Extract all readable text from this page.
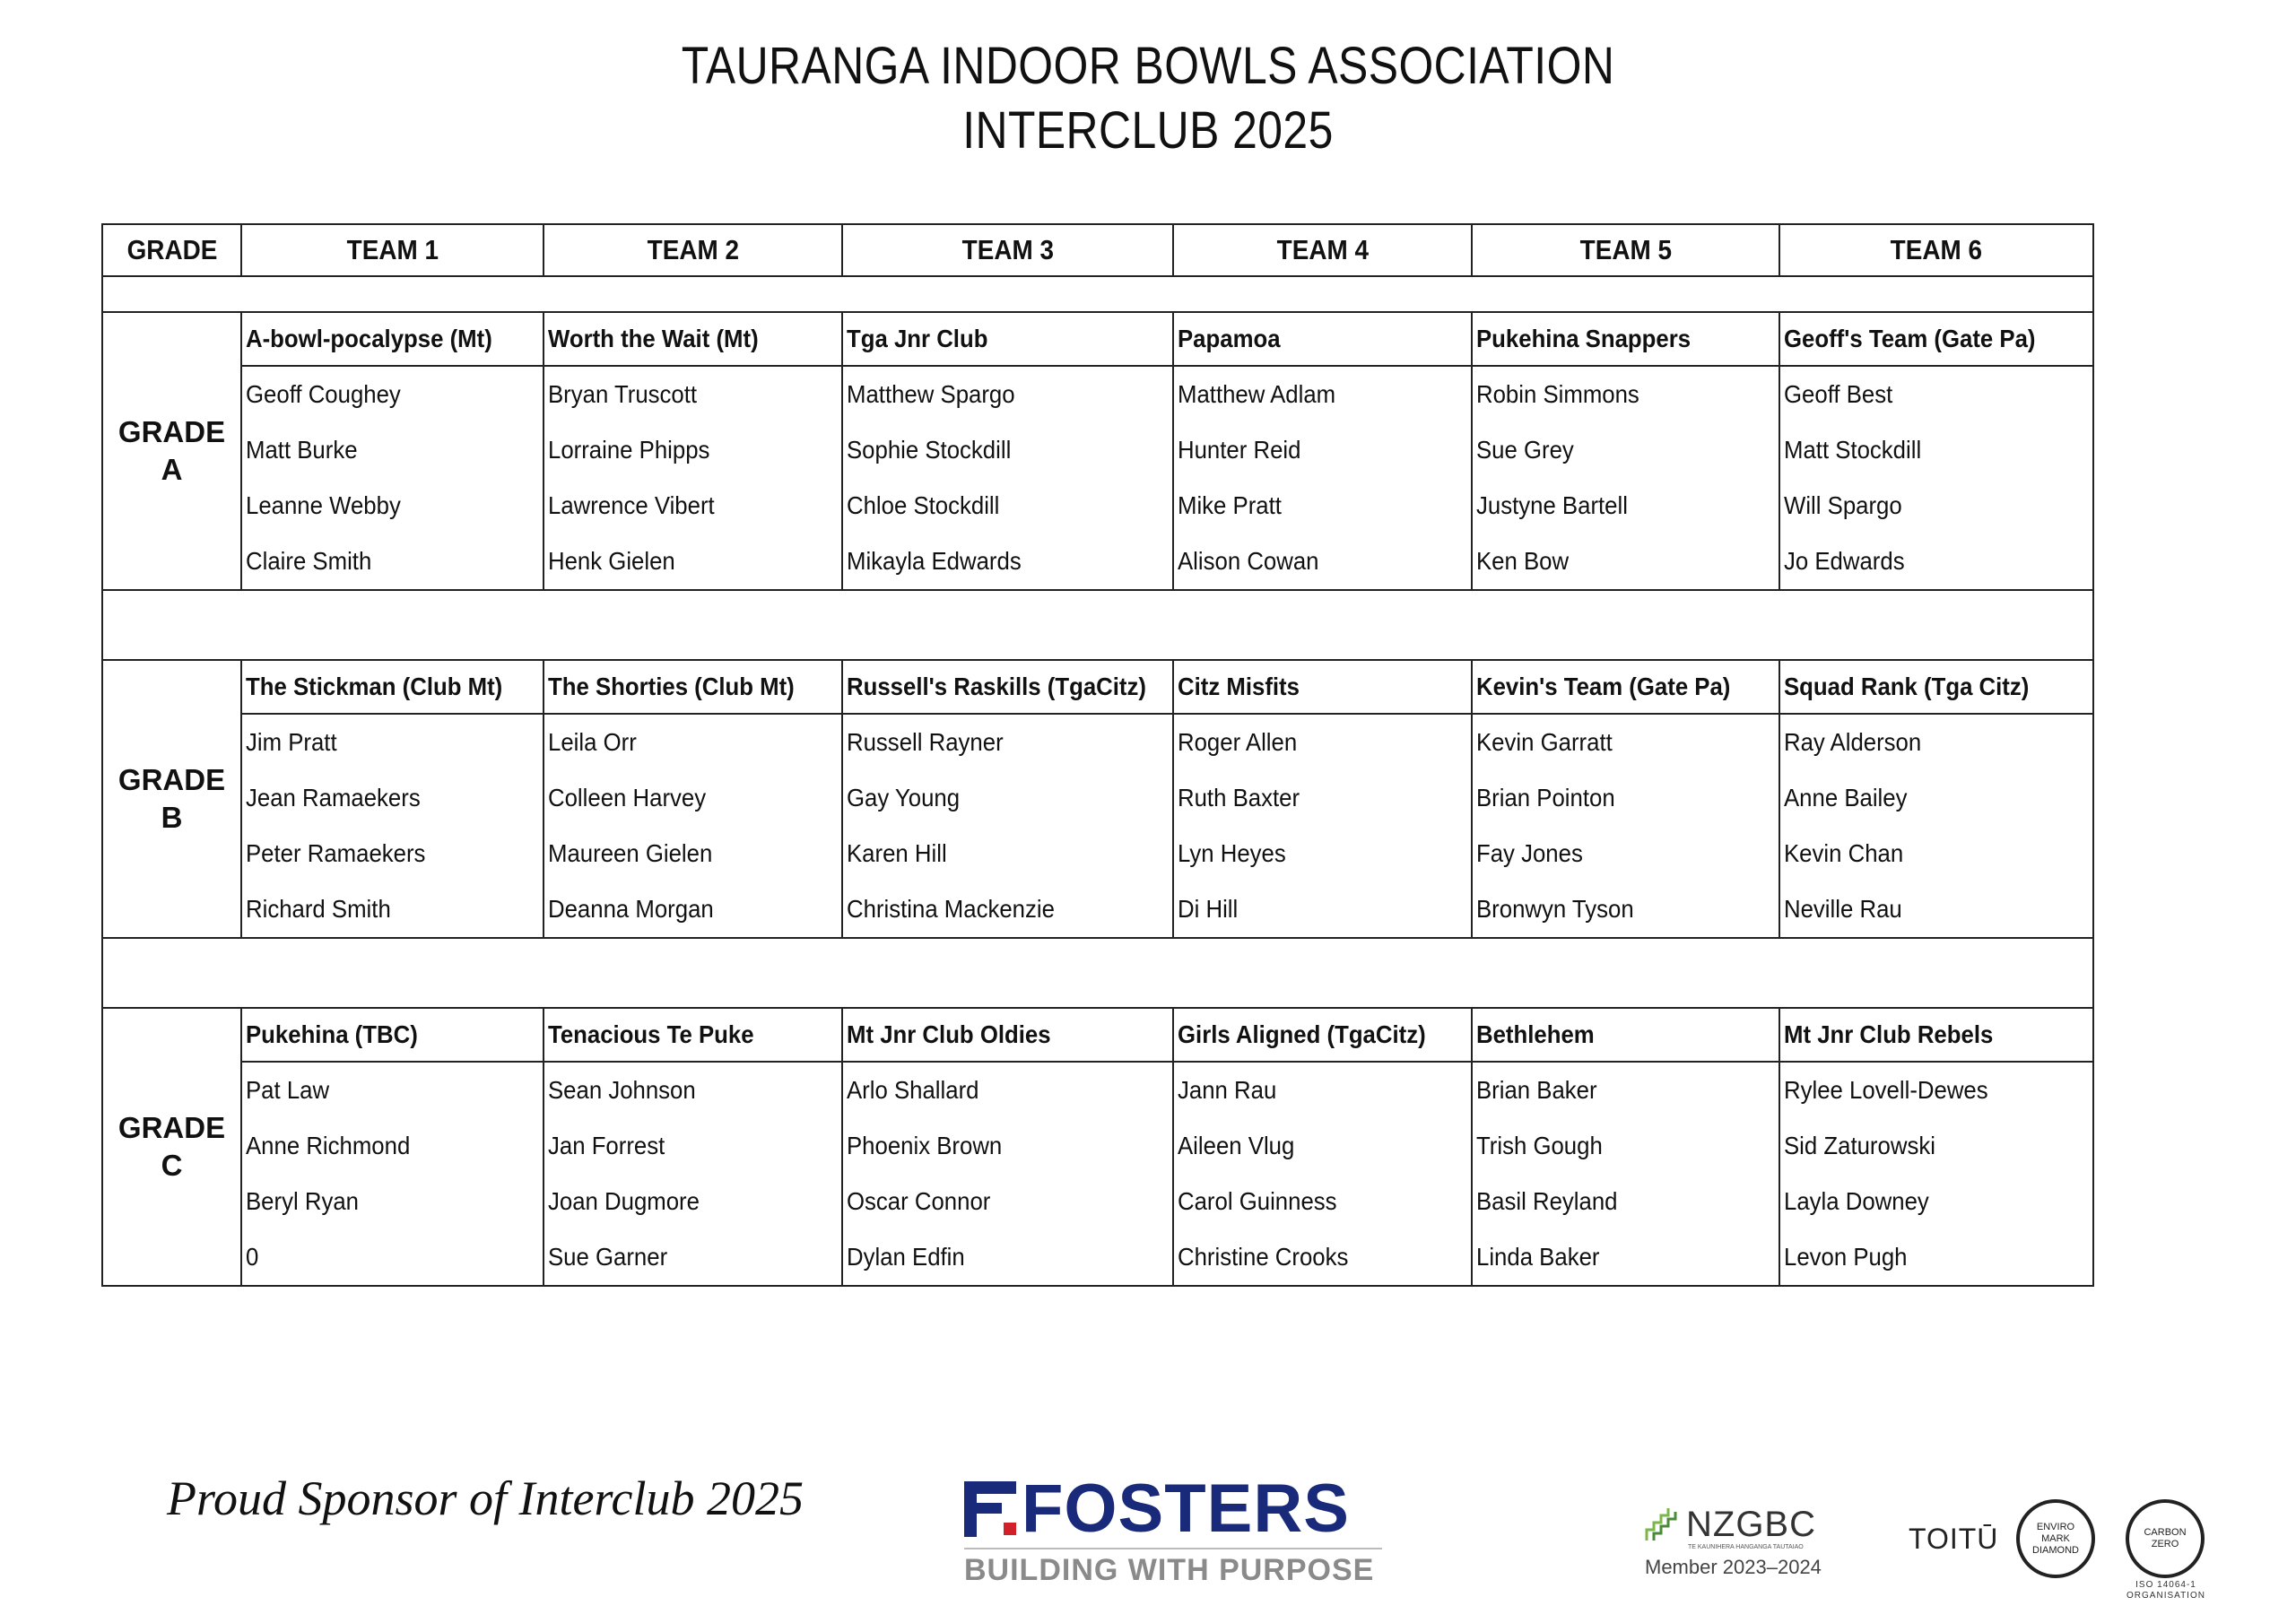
TAURANGA INDOOR BOWLS ASSOCIATION
INTERCLUB 2025
GRADE	TEAM 1	TEAM 2	TEAM 3	TEAM 4	TEAM 5	TEAM 6

GRADE
A	A-bowl-pocalypse (Mt)	Worth the Wait (Mt)	Tga Jnr Club	Papamoa	Pukehina Snappers	Geoff's Team (Gate Pa)
	Geoff Coughey	Bryan Truscott	Matthew Spargo	Matthew Adlam	Robin Simmons	Geoff Best
	Matt Burke	Lorraine Phipps	Sophie Stockdill	Hunter Reid	Sue Grey	Matt Stockdill
	Leanne Webby	Lawrence Vibert	Chloe Stockdill	Mike Pratt	Justyne Bartell	Will Spargo
	Claire Smith	Henk Gielen	Mikayla Edwards	Alison Cowan	Ken Bow	Jo Edwards

GRADE
B	The Stickman (Club Mt)	The Shorties (Club Mt)	Russell's Raskills (TgaCitz)	Citz Misfits	Kevin's Team (Gate Pa)	Squad Rank (Tga Citz)
	Jim Pratt	Leila Orr	Russell Rayner	Roger Allen	Kevin Garratt	Ray Alderson
	Jean Ramaekers	Colleen Harvey	Gay Young	Ruth Baxter	Brian Pointon	Anne Bailey
	Peter Ramaekers	Maureen Gielen	Karen Hill	Lyn Heyes	Fay Jones	Kevin Chan
	Richard Smith	Deanna Morgan	Christina Mackenzie	Di Hill	Bronwyn Tyson	Neville Rau

GRADE
C	Pukehina (TBC)	Tenacious Te Puke	Mt Jnr Club Oldies	Girls Aligned (TgaCitz)	Bethlehem	Mt Jnr Club Rebels
	Pat Law	Sean Johnson	Arlo Shallard	Jann Rau	Brian Baker	Rylee Lovell-Dewes
	Anne Richmond	Jan Forrest	Phoenix Brown	Aileen Vlug	Trish Gough	Sid Zaturowski
	Beryl Ryan	Joan Dugmore	Oscar Connor	Carol Guinness	Basil Reyland	Layla Downey
	0	Sue Garner	Dylan Edfin	Christine Crooks	Linda Baker	Levon Pugh
Proud Sponsor of Interclub 2025	FOSTERS
BUILDING WITH PURPOSE
NZGBC
TE KAUNIHERA HANGANGA TAUTAIAO
Member 2023–2024
TOITŪ	ENVIRO
MARK
DIAMOND
CARBON
ZERO
ISO 14064-1
ORGANISATION
